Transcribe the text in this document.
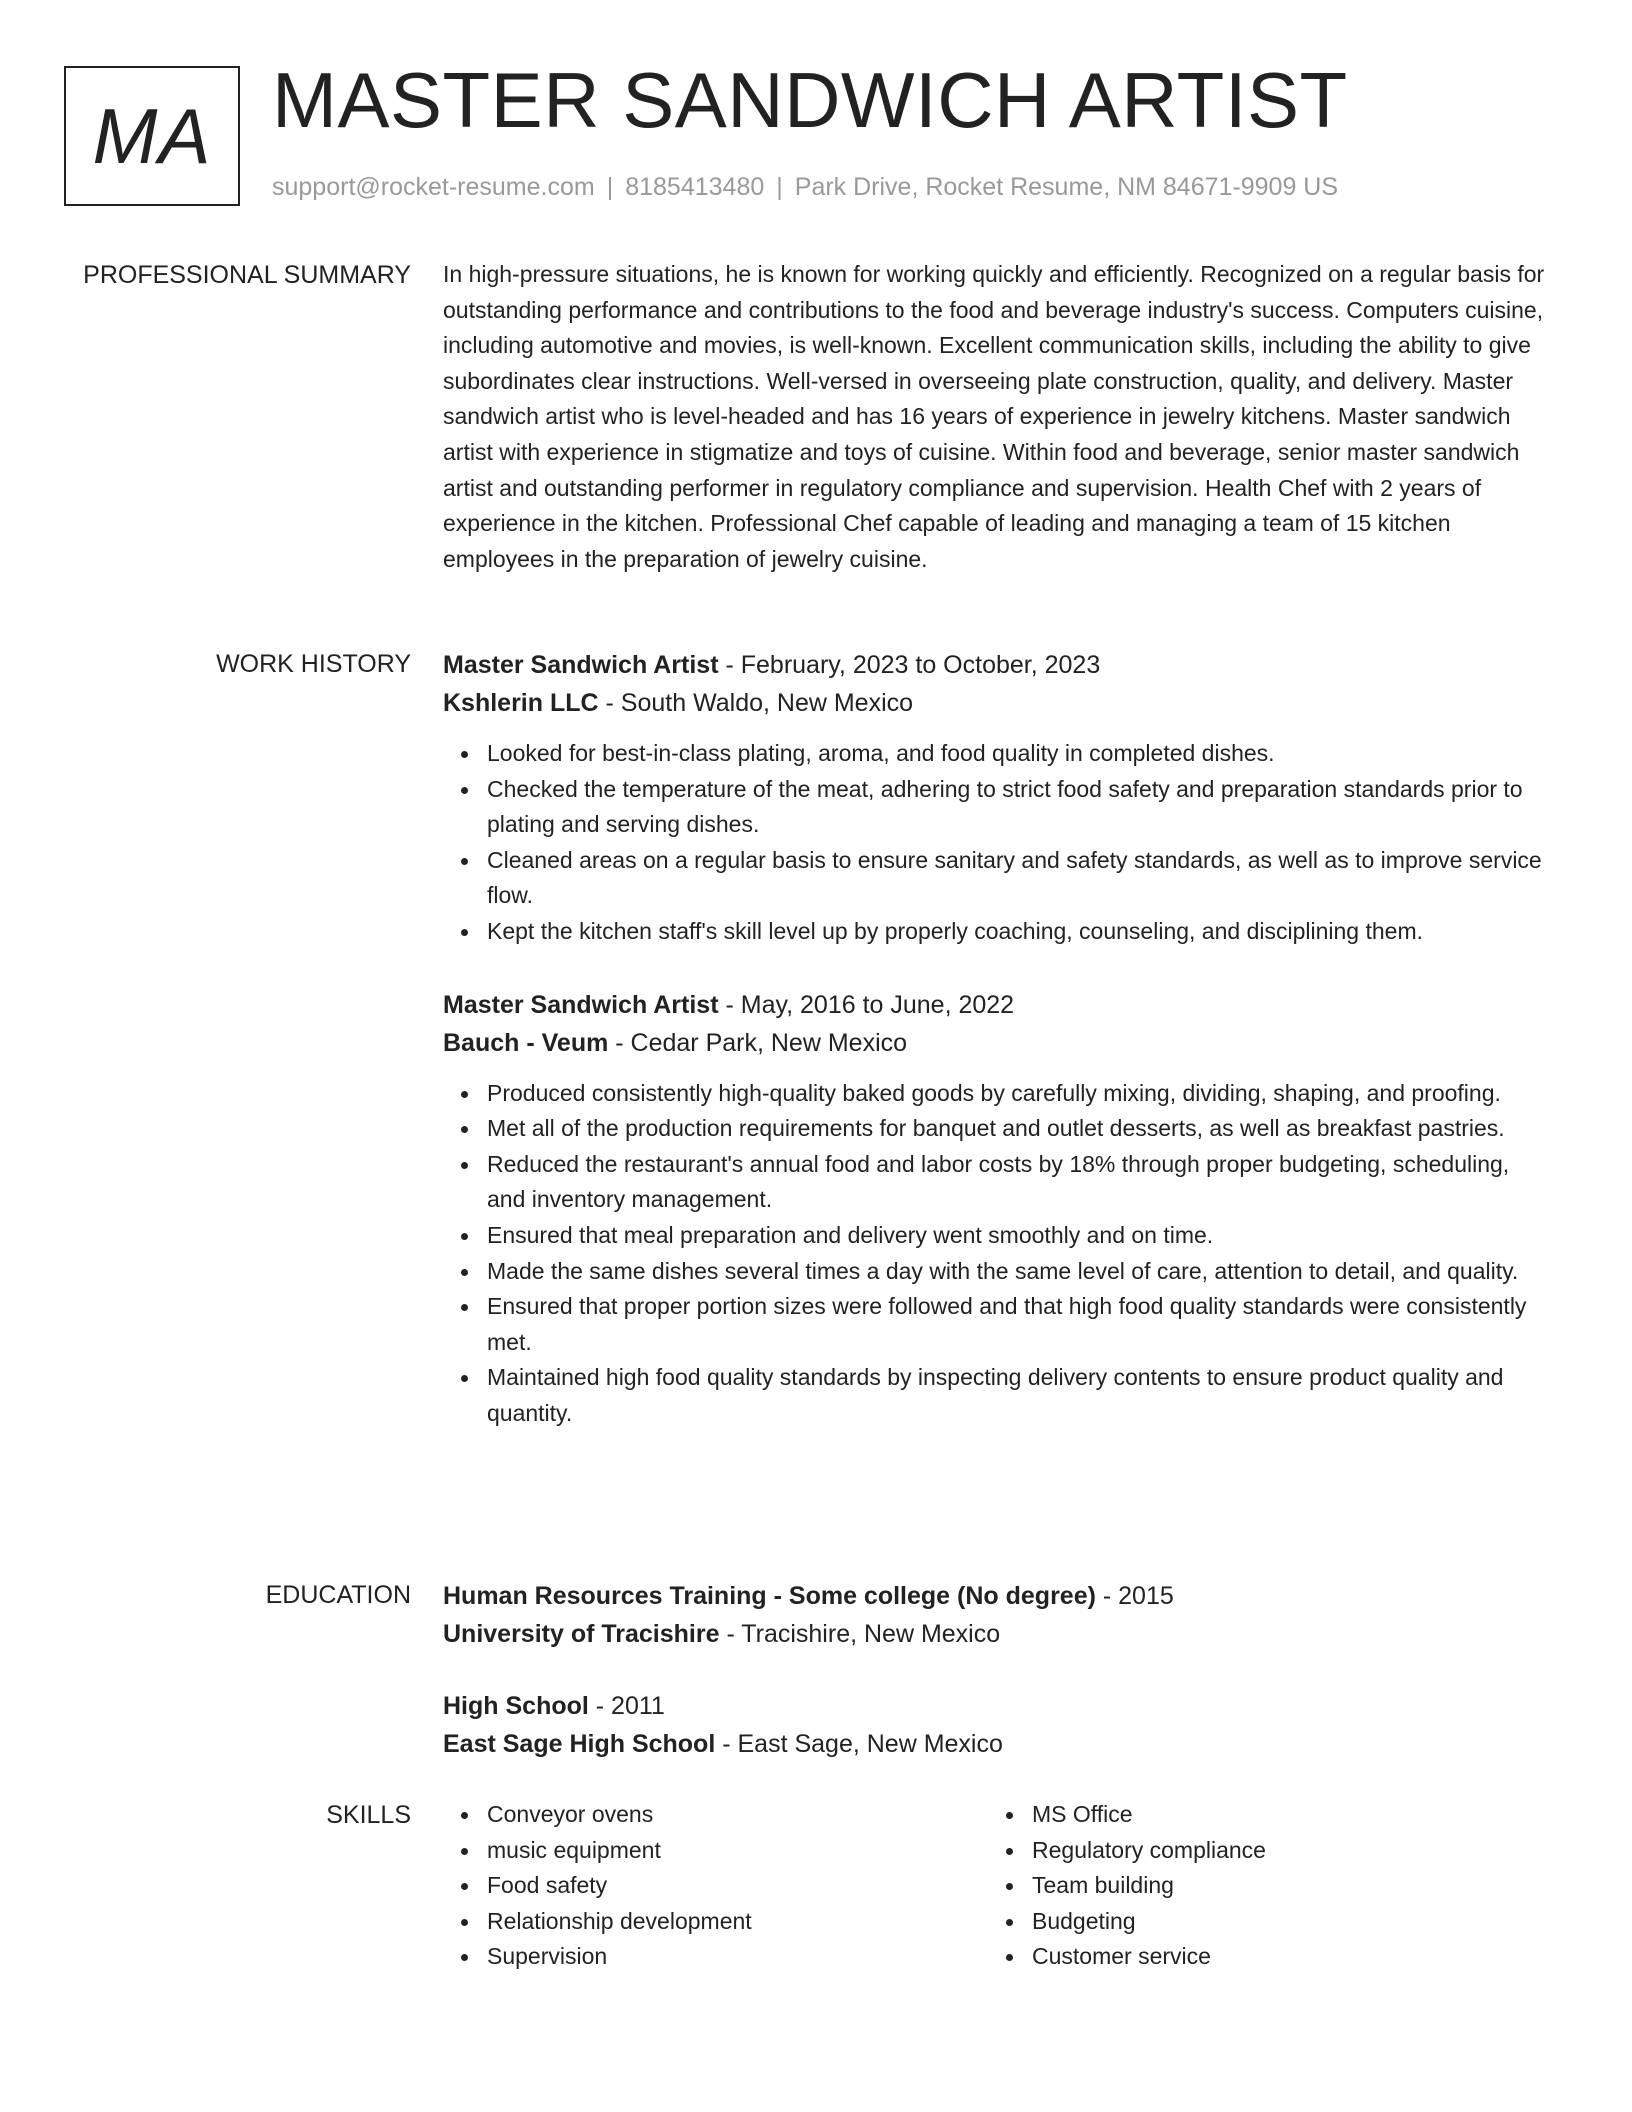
MA MASTER SANDWICH ARTIST
support@rocket-resume.com | 8185413480 | Park Drive, Rocket Resume, NM 84671-9909 US
PROFESSIONAL SUMMARY In high-pressure situations, he is known for working quickly and efficiently. Recognized on a regular basis for outstanding performance and contributions to the food and beverage industry's success. Computers cuisine, including automotive and movies, is well-known. Excellent communication skills, including the ability to give subordinates clear instructions. Well-versed in overseeing plate construction, quality, and delivery. Master sandwich artist who is level-headed and has 16 years of experience in jewelry kitchens. Master sandwich artist with experience in stigmatize and toys of cuisine. Within food and beverage, senior master sandwich artist and outstanding performer in regulatory compliance and supervision. Health Chef with 2 years of experience in the kitchen. Professional Chef capable of leading and managing a team of 15 kitchen employees in the preparation of jewelry cuisine.

WORK HISTORY Master Sandwich Artist - February, 2023 to October, 2023
Kshlerin LLC - South Waldo, New Mexico
Looked for best-in-class plating, aroma, and food quality in completed dishes.
Checked the temperature of the meat, adhering to strict food safety and preparation standards prior to plating and serving dishes.
Cleaned areas on a regular basis to ensure sanitary and safety standards, as well as to improve service flow.
Kept the kitchen staff's skill level up by properly coaching, counseling, and disciplining them.
Master Sandwich Artist - May, 2016 to June, 2022
Bauch - Veum - Cedar Park, New Mexico
Produced consistently high-quality baked goods by carefully mixing, dividing, shaping, and proofing.
Met all of the production requirements for banquet and outlet desserts, as well as breakfast pastries.
Reduced the restaurant's annual food and labor costs by 18% through proper budgeting, scheduling, and inventory management.
Ensured that meal preparation and delivery went smoothly and on time.
Made the same dishes several times a day with the same level of care, attention to detail, and quality.
Ensured that proper portion sizes were followed and that high food quality standards were consistently met.
Maintained high food quality standards by inspecting delivery contents to ensure product quality and quantity.
EDUCATION Human Resources Training - Some college (No degree) - 2015
University of Tracishire - Tracishire, New Mexico
High School - 2011
East Sage High School - East Sage, New Mexico
SKILLS	Conveyor ovens
music equipment
Food safety
Relationship development
Supervision
MS Office
Regulatory compliance
Team building
Budgeting
Customer service
